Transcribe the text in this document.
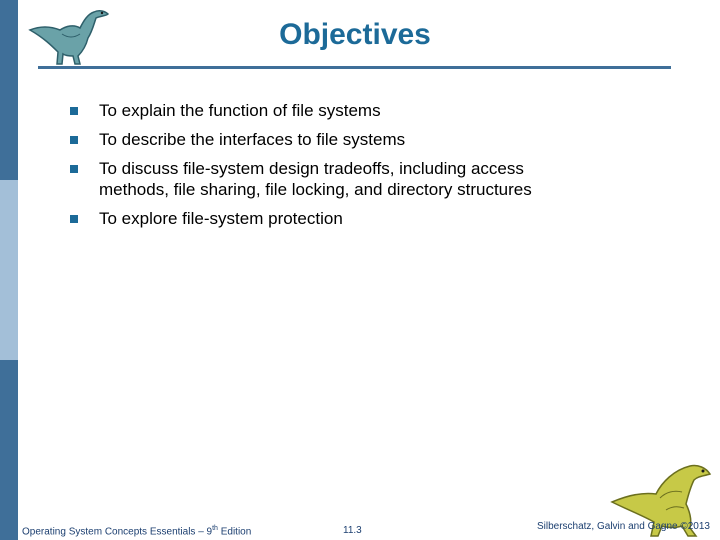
Objectives
To explain the function of file systems
To describe the interfaces to file systems
To discuss file-system design tradeoffs, including access methods, file sharing, file locking, and directory structures
To explore file-system protection
Operating System Concepts Essentials – 9th Edition	11.3	Silberschatz, Galvin and Gagne ©2013
